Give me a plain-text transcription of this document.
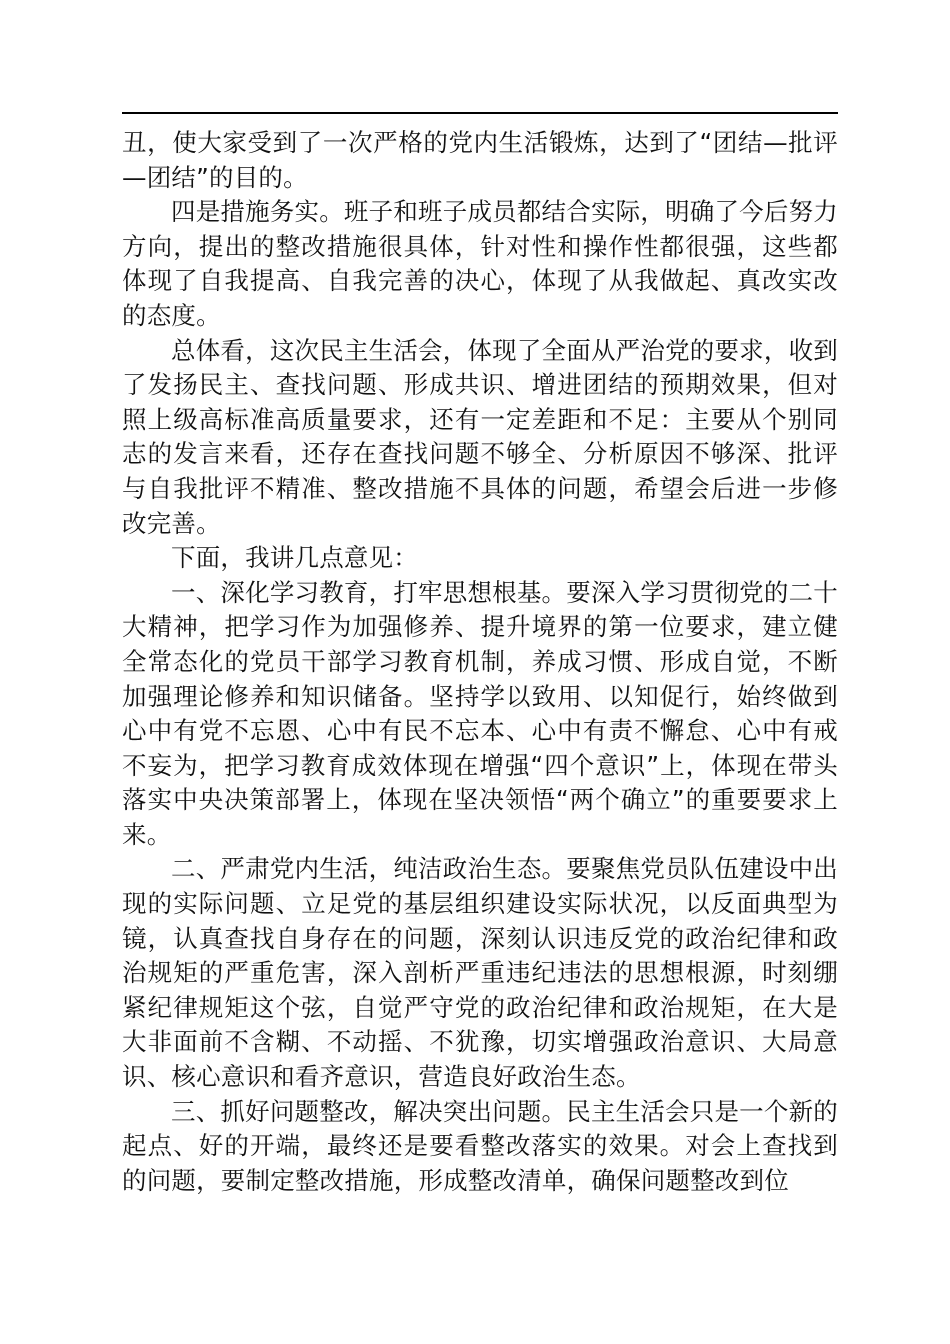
丑，使大家受到了一次严格的党内生活锻炼，达到了“团结—批评—团结”的目的。

四是措施务实。班子和班子成员都结合实际，明确了今后努力方向，提出的整改措施很具体，针对性和操作性都很强，这些都体现了自我提高、自我完善的决心，体现了从我做起、真改实改的态度。

总体看，这次民主生活会，体现了全面从严治党的要求，收到了发扬民主、查找问题、形成共识、增进团结的预期效果，但对照上级高标准高质量要求，还有一定差距和不足：主要从个别同志的发言来看，还存在查找问题不够全、分析原因不够深、批评与自我批评不精准、整改措施不具体的问题，希望会后进一步修改完善。

下面，我讲几点意见：

一、深化学习教育，打牢思想根基。要深入学习贯彻党的二十大精神，把学习作为加强修养、提升境界的第一位要求，建立健全常态化的党员干部学习教育机制，养成习惯、形成自觉，不断加强理论修养和知识储备。坚持学以致用、以知促行，始终做到心中有党不忘恩、心中有民不忘本、心中有责不懈怠、心中有戒不妄为，把学习教育成效体现在增强“四个意识”上，体现在带头落实中央决策部署上，体现在坚决领悟“两个确立”的重要要求上来。

二、严肃党内生活，纯洁政治生态。要聚焦党员队伍建设中出现的实际问题、立足党的基层组织建设实际状况，以反面典型为镜，认真查找自身存在的问题，深刻认识违反党的政治纪律和政治规矩的严重危害，深入剖析严重违纪违法的思想根源，时刻绷紧纪律规矩这个弦，自觉严守党的政治纪律和政治规矩，在大是大非面前不含糊、不动摇、不犹豫，切实增强政治意识、大局意识、核心意识和看齐意识，营造良好政治生态。

三、抓好问题整改，解决突出问题。民主生活会只是一个新的起点、好的开端，最终还是要看整改落实的效果。对会上查找到的问题，要制定整改措施，形成整改清单，确保问题整改到位
